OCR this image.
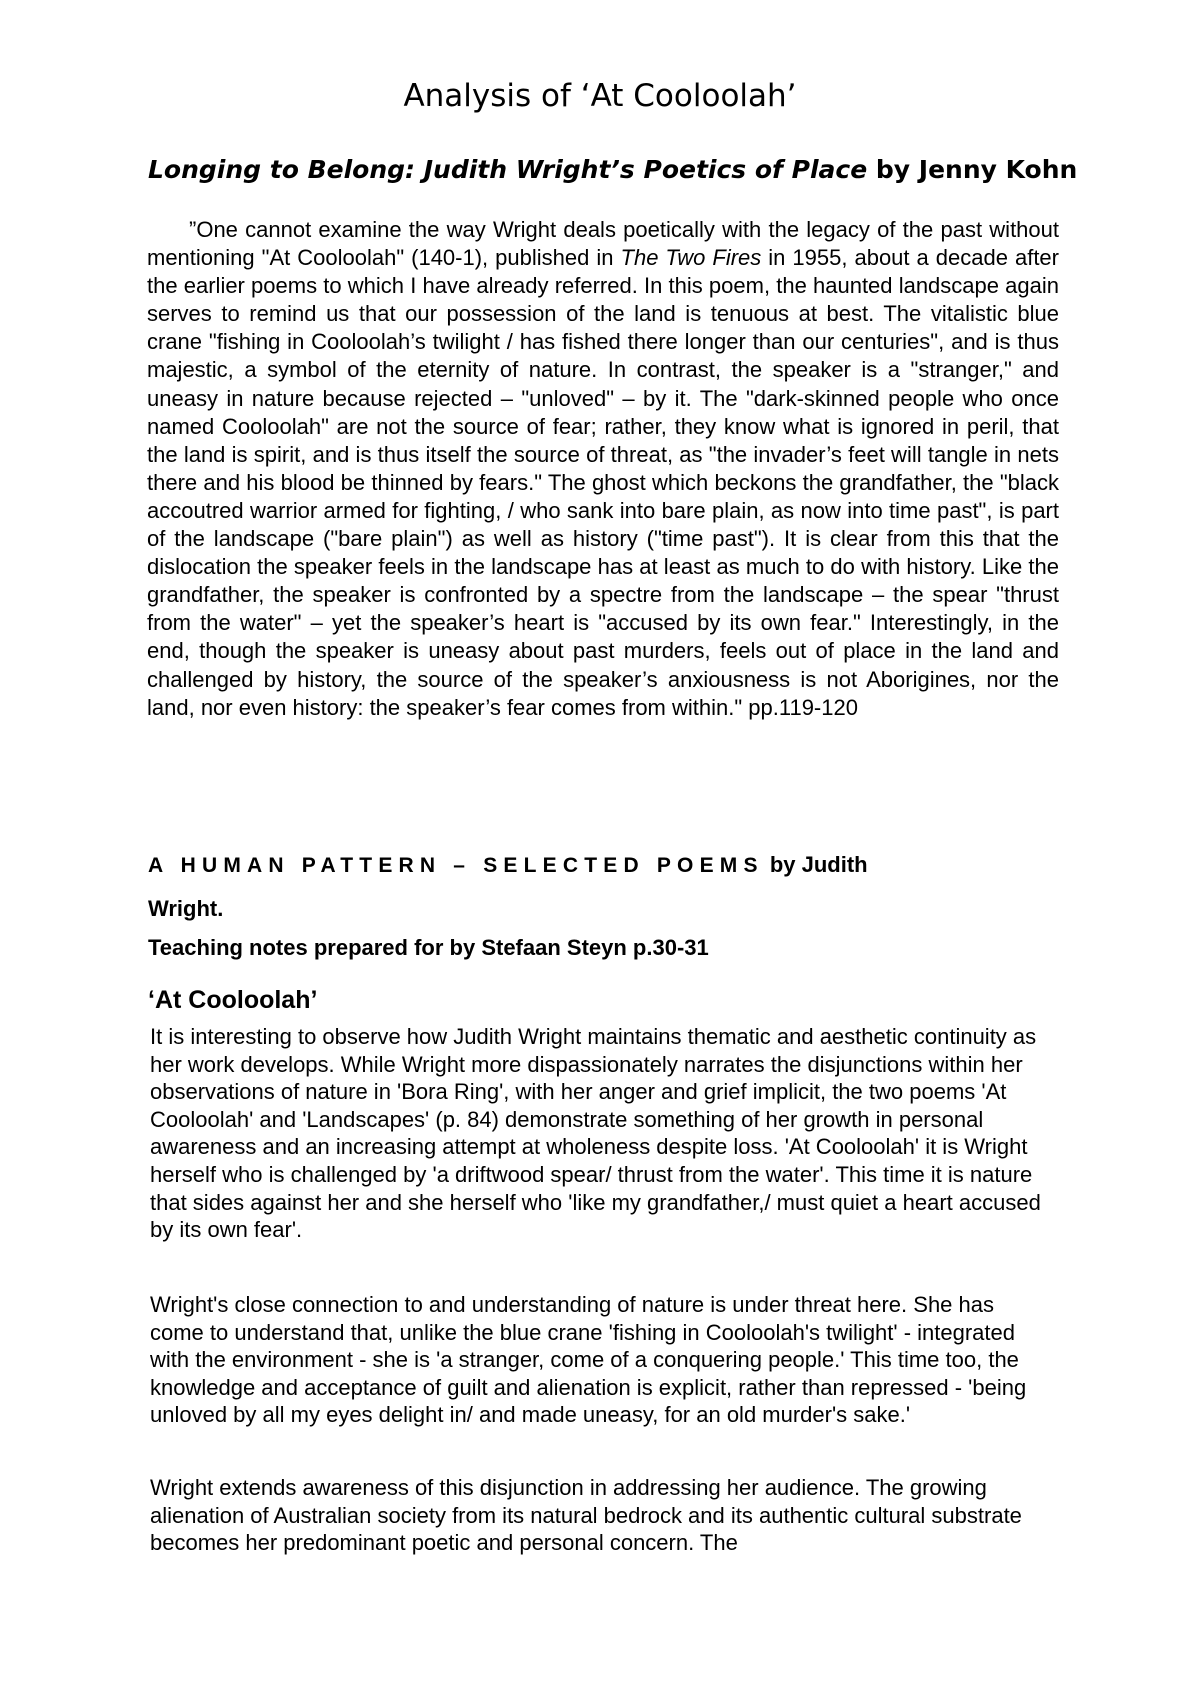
Analysis of ‘At Cooloolah’

Longing to Belong: Judith Wright’s Poetics of Place by Jenny Kohn

”One cannot examine the way Wright deals poetically with the legacy of the past without mentioning "At Cooloolah" (140-1), published in The Two Fires in 1955, about a decade after the earlier poems to which I have already referred. In this poem, the haunted landscape again serves to remind us that our possession of the land is tenuous at best. The vitalistic blue crane "fishing in Cooloolah’s twilight / has fished there longer than our centuries", and is thus majestic, a symbol of the eternity of nature. In contrast, the speaker is a "stranger," and uneasy in nature because rejected – "unloved" – by it. The "dark-skinned people who once named Cooloolah" are not the source of fear; rather, they know what is ignored in peril, that the land is spirit, and is thus itself the source of threat, as "the invader’s feet will tangle in nets there and his blood be thinned by fears." The ghost which beckons the grandfather, the "black accoutred warrior armed for fighting, / who sank into bare plain, as now into time past", is part of the landscape ("bare plain") as well as history ("time past"). It is clear from this that the dislocation the speaker feels in the landscape has at least as much to do with history. Like the grandfather, the speaker is confronted by a spectre from the landscape – the spear "thrust from the water" – yet the speaker’s heart is "accused by its own fear." Interestingly, in the end, though the speaker is uneasy about past murders, feels out of place in the land and challenged by history, the source of the speaker’s anxiousness is not Aborigines, nor the land, nor even history: the speaker’s fear comes from within." pp.119-120

A HUMAN PATTERN – SELECTED POEMS by Judith

Wright.

Teaching notes prepared for by Stefaan Steyn p.30-31

‘At Cooloolah’

It is interesting to observe how Judith Wright maintains thematic and aesthetic continuity as her work develops. While Wright more dispassionately narrates the disjunctions within her observations of nature in 'Bora Ring', with her anger and grief implicit, the two poems 'At Cooloolah' and 'Landscapes' (p. 84) demonstrate something of her growth in personal awareness and an increasing attempt at wholeness despite loss. 'At Cooloolah' it is Wright herself who is challenged by 'a driftwood spear/ thrust from the water'. This time it is nature that sides against her and she herself who 'like my grandfather,/ must quiet a heart accused by its own fear'.

Wright's close connection to and understanding of nature is under threat here. She has come to understand that, unlike the blue crane 'fishing in Cooloolah's twilight' - integrated with the environment - she is 'a stranger, come of a conquering people.' This time too, the knowledge and acceptance of guilt and alienation is explicit, rather than repressed - 'being unloved by all my eyes delight in/ and made uneasy, for an old murder's sake.'

Wright extends awareness of this disjunction in addressing her audience. The growing alienation of Australian society from its natural bedrock and its authentic cultural substrate becomes her predominant poetic and personal concern. The
